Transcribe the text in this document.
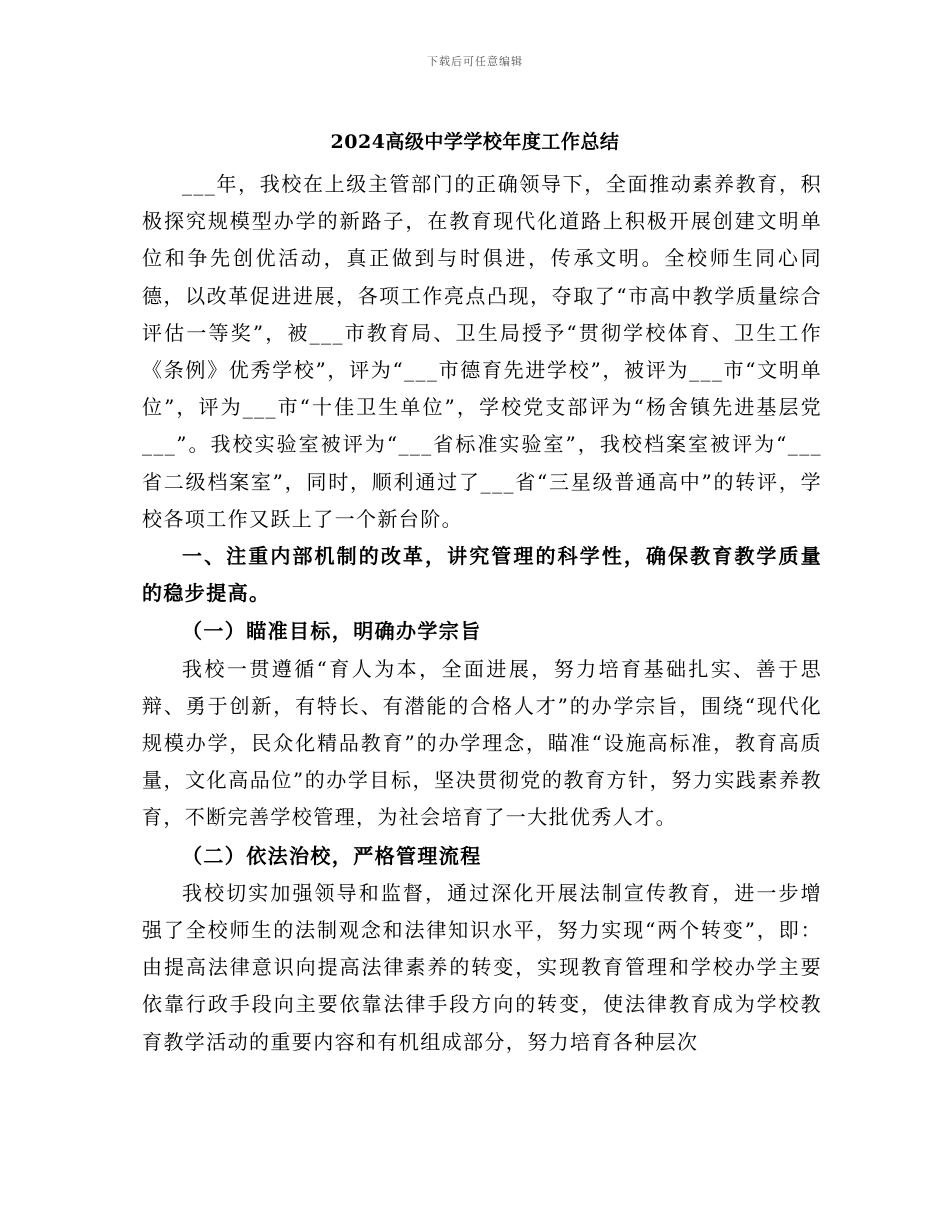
下载后可任意编辑
2024高级中学学校年度工作总结

___年，我校在上级主管部门的正确领导下，全面推动素养教育，积极探究规模型办学的新路子，在教育现代化道路上积极开展创建文明单位和争先创优活动，真正做到与时俱进，传承文明。全校师生同心同德，以改革促进进展，各项工作亮点凸现，夺取了“市高中教学质量综合评估一等奖”，被___市教育局、卫生局授予“贯彻学校体育、卫生工作《条例》优秀学校”，评为“___市德育先进学校”，被评为___市“文明单位”，评为___市“十佳卫生单位”，学校党支部评为“杨舍镇先进基层党___”。我校实验室被评为“___省标准实验室”，我校档案室被评为“___省二级档案室”，同时，顺利通过了___省“三星级普通高中”的转评，学校各项工作又跃上了一个新台阶。

一、注重内部机制的改革，讲究管理的科学性，确保教育教学质量的稳步提高。

（一）瞄准目标，明确办学宗旨

我校一贯遵循“育人为本，全面进展，努力培育基础扎实、善于思辩、勇于创新，有特长、有潜能的合格人才”的办学宗旨，围绕“现代化规模办学，民众化精品教育”的办学理念，瞄准“设施高标准，教育高质量，文化高品位”的办学目标，坚决贯彻党的教育方针，努力实践素养教育，不断完善学校管理，为社会培育了一大批优秀人才。

（二）依法治校，严格管理流程

我校切实加强领导和监督，通过深化开展法制宣传教育，进一步增强了全校师生的法制观念和法律知识水平，努力实现“两个转变”，即：由提高法律意识向提高法律素养的转变，实现教育管理和学校办学主要依靠行政手段向主要依靠法律手段方向的转变，使法律教育成为学校教育教学活动的重要内容和有机组成部分，努力培育各种层次
